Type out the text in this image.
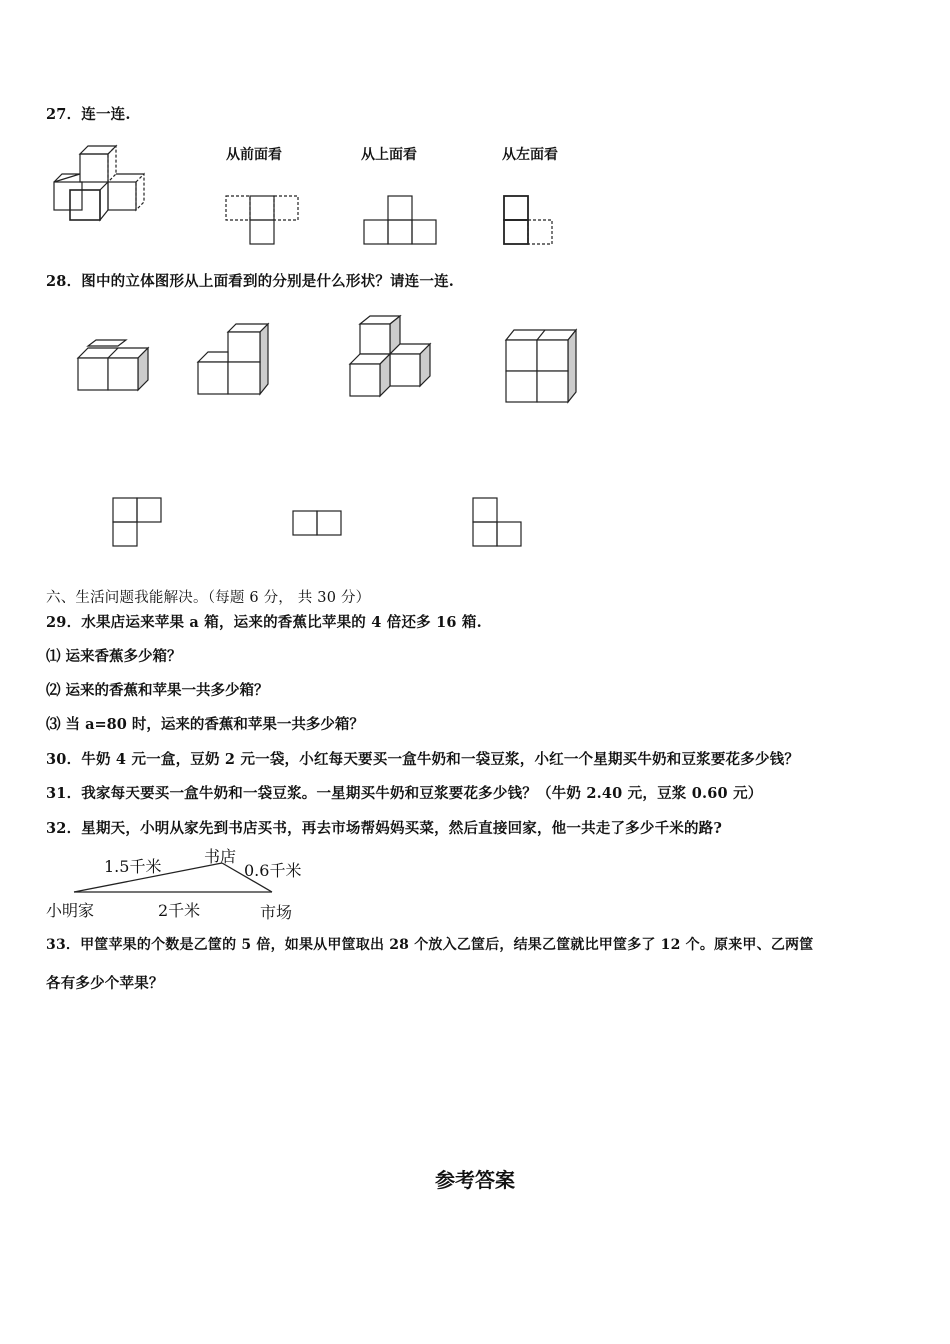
27．连一连.
从前面看	从上面看	从左面看
28．图中的立体图形从上面看到的分别是什么形状？请连一连.
六、生活问题我能解决。（每题 6 分， 共 30 分）
29．水果店运来苹果 a 箱，运来的香蕉比苹果的 4 倍还多 16 箱.
⑴ 运来香蕉多少箱？
⑵ 运来的香蕉和苹果一共多少箱？
⑶ 当 a=80 时，运来的香蕉和苹果一共多少箱？
30．牛奶 4 元一盒，豆奶 2 元一袋，小红每天要买一盒牛奶和一袋豆浆，小红一个星期买牛奶和豆浆要花多少钱？
31．我家每天要买一盒牛奶和一袋豆浆。一星期买牛奶和豆浆要花多少钱？（牛奶 2.40 元，豆浆 0.60 元）
32．星期天，小明从家先到书店买书，再去市场帮妈妈买菜，然后直接回家，他一共走了多少千米的路?
1.5千米
书店
0.6千米
小明家	2千米	市场
33．甲筐苹果的个数是乙筐的 5 倍，如果从甲筐取出 28 个放入乙筐后，结果乙筐就比甲筐多了 12 个。原来甲、乙两筐
各有多少个苹果？
参考答案
